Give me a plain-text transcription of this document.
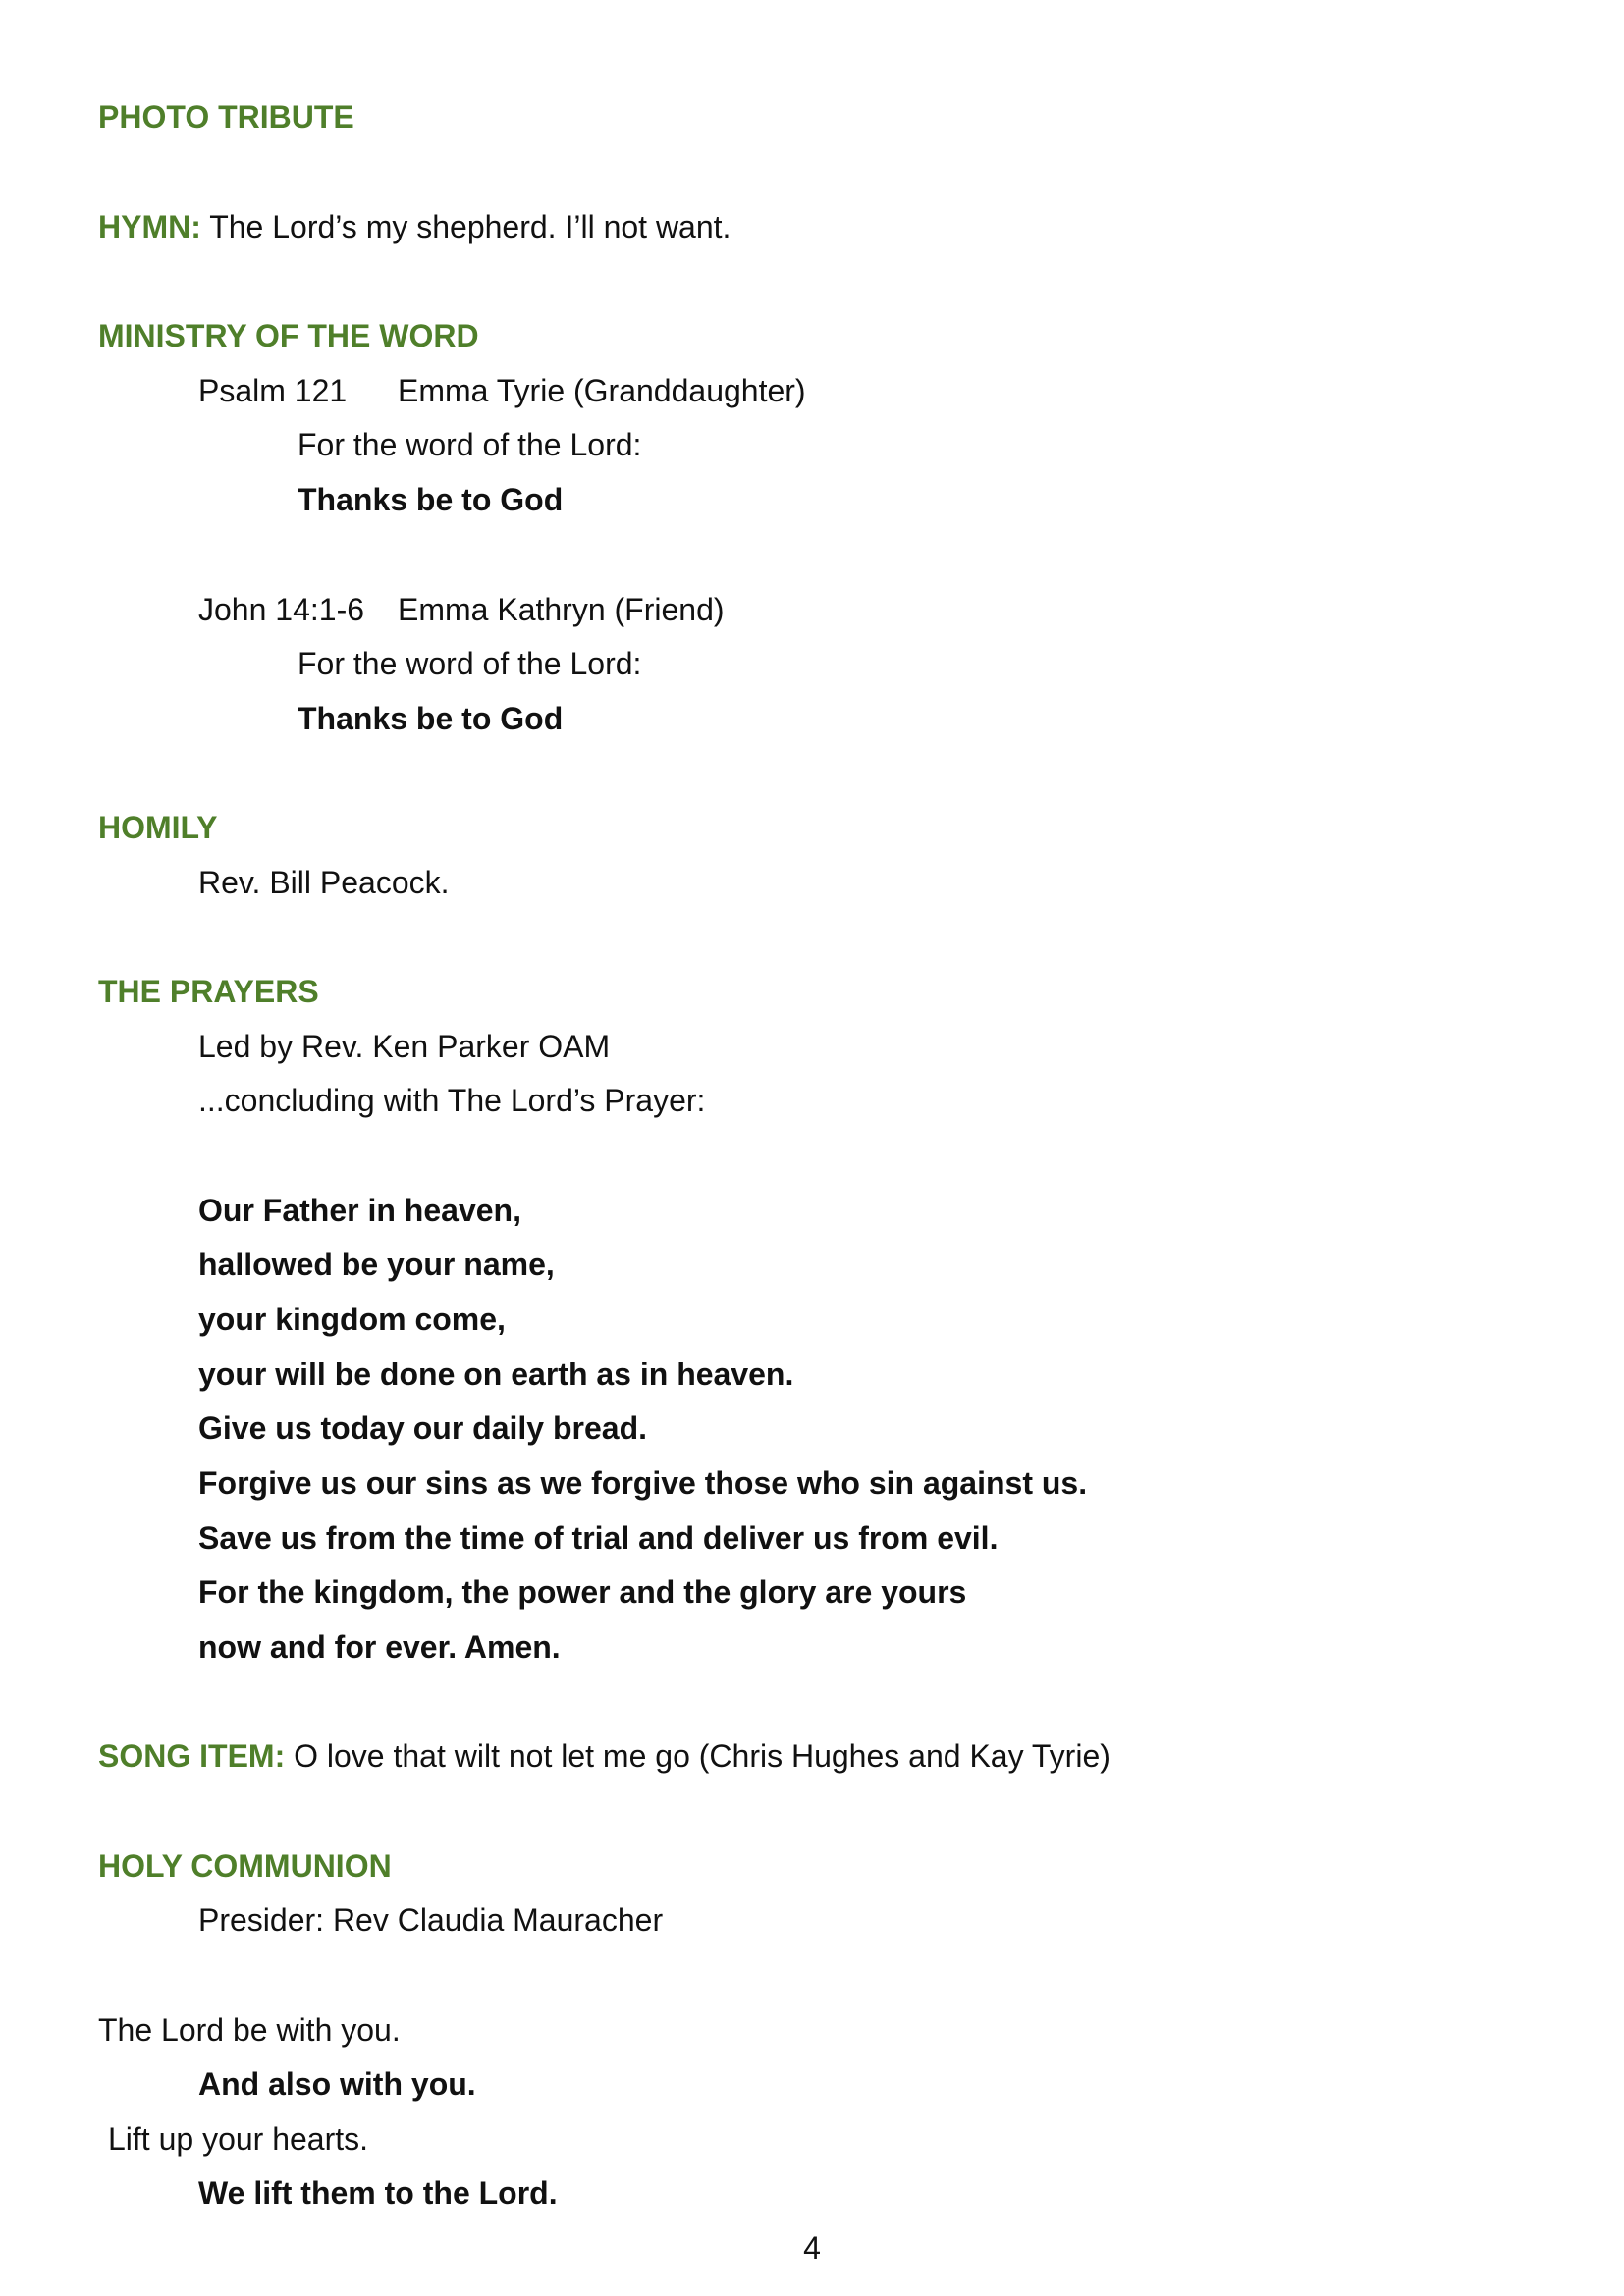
PHOTO TRIBUTE
HYMN: The Lord’s my shepherd. I’ll not want.
MINISTRY OF THE WORD
Psalm 121 Emma Tyrie (Granddaughter)
For the word of the Lord:
Thanks be to God
John 14:1-6 Emma Kathryn (Friend)
For the word of the Lord:
Thanks be to God
HOMILY
Rev. Bill Peacock.
THE PRAYERS
Led by Rev. Ken Parker OAM
...concluding with The Lord’s Prayer:
Our Father in heaven,
hallowed be your name,
your kingdom come,
your will be done on earth as in heaven.
Give us today our daily bread.
Forgive us our sins as we forgive those who sin against us.
Save us from the time of trial and deliver us from evil.
For the kingdom, the power and the glory are yours
now and for ever. Amen.
SONG ITEM: O love that wilt not let me go (Chris Hughes and Kay Tyrie)
HOLY COMMUNION
Presider: Rev Claudia Mauracher
The Lord be with you.
And also with you.
Lift up your hearts.
We lift them to the Lord.
4
